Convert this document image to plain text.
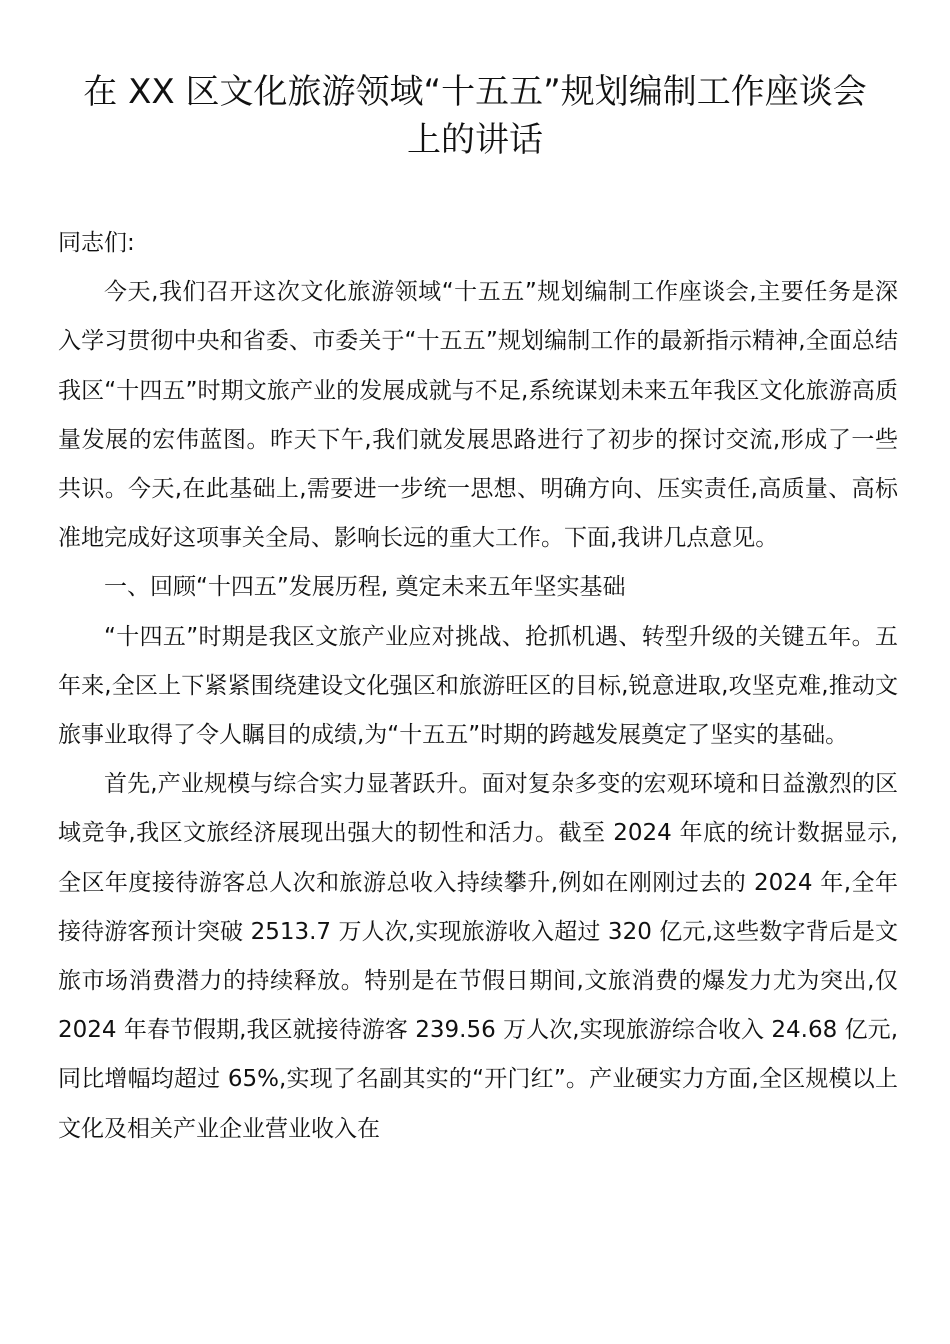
在 XX 区文化旅游领域“十五五”规划编制工作座谈会
上的讲话

同志们:

今天,我们召开这次文化旅游领域“十五五”规划编制工作座谈会,主要任务是深入学习贯彻中央和省委、市委关于“十五五”规划编制工作的最新指示精神,全面总结我区“十四五”时期文旅产业的发展成就与不足,系统谋划未来五年我区文化旅游高质量发展的宏伟蓝图。昨天下午,我们就发展思路进行了初步的探讨交流,形成了一些共识。今天,在此基础上,需要进一步统一思想、明确方向、压实责任,高质量、高标准地完成好这项事关全局、影响长远的重大工作。下面,我讲几点意见。

一、回顾“十四五”发展历程, 奠定未来五年坚实基础

“十四五”时期是我区文旅产业应对挑战、抢抓机遇、转型升级的关键五年。五年来,全区上下紧紧围绕建设文化强区和旅游旺区的目标,锐意进取,攻坚克难,推动文旅事业取得了令人瞩目的成绩,为“十五五”时期的跨越发展奠定了坚实的基础。

首先,产业规模与综合实力显著跃升。面对复杂多变的宏观环境和日益激烈的区域竞争,我区文旅经济展现出强大的韧性和活力。截至 2024 年底的统计数据显示,全区年度接待游客总人次和旅游总收入持续攀升,例如在刚刚过去的 2024 年,全年接待游客预计突破 2513.7 万人次,实现旅游收入超过 320 亿元,这些数字背后是文旅市场消费潜力的持续释放。特别是在节假日期间,文旅消费的爆发力尤为突出,仅 2024 年春节假期,我区就接待游客 239.56 万人次,实现旅游综合收入 24.68 亿元,同比增幅均超过 65%,实现了名副其实的“开门红”。产业硬实力方面,全区规模以上文化及相关产业企业营业收入在
